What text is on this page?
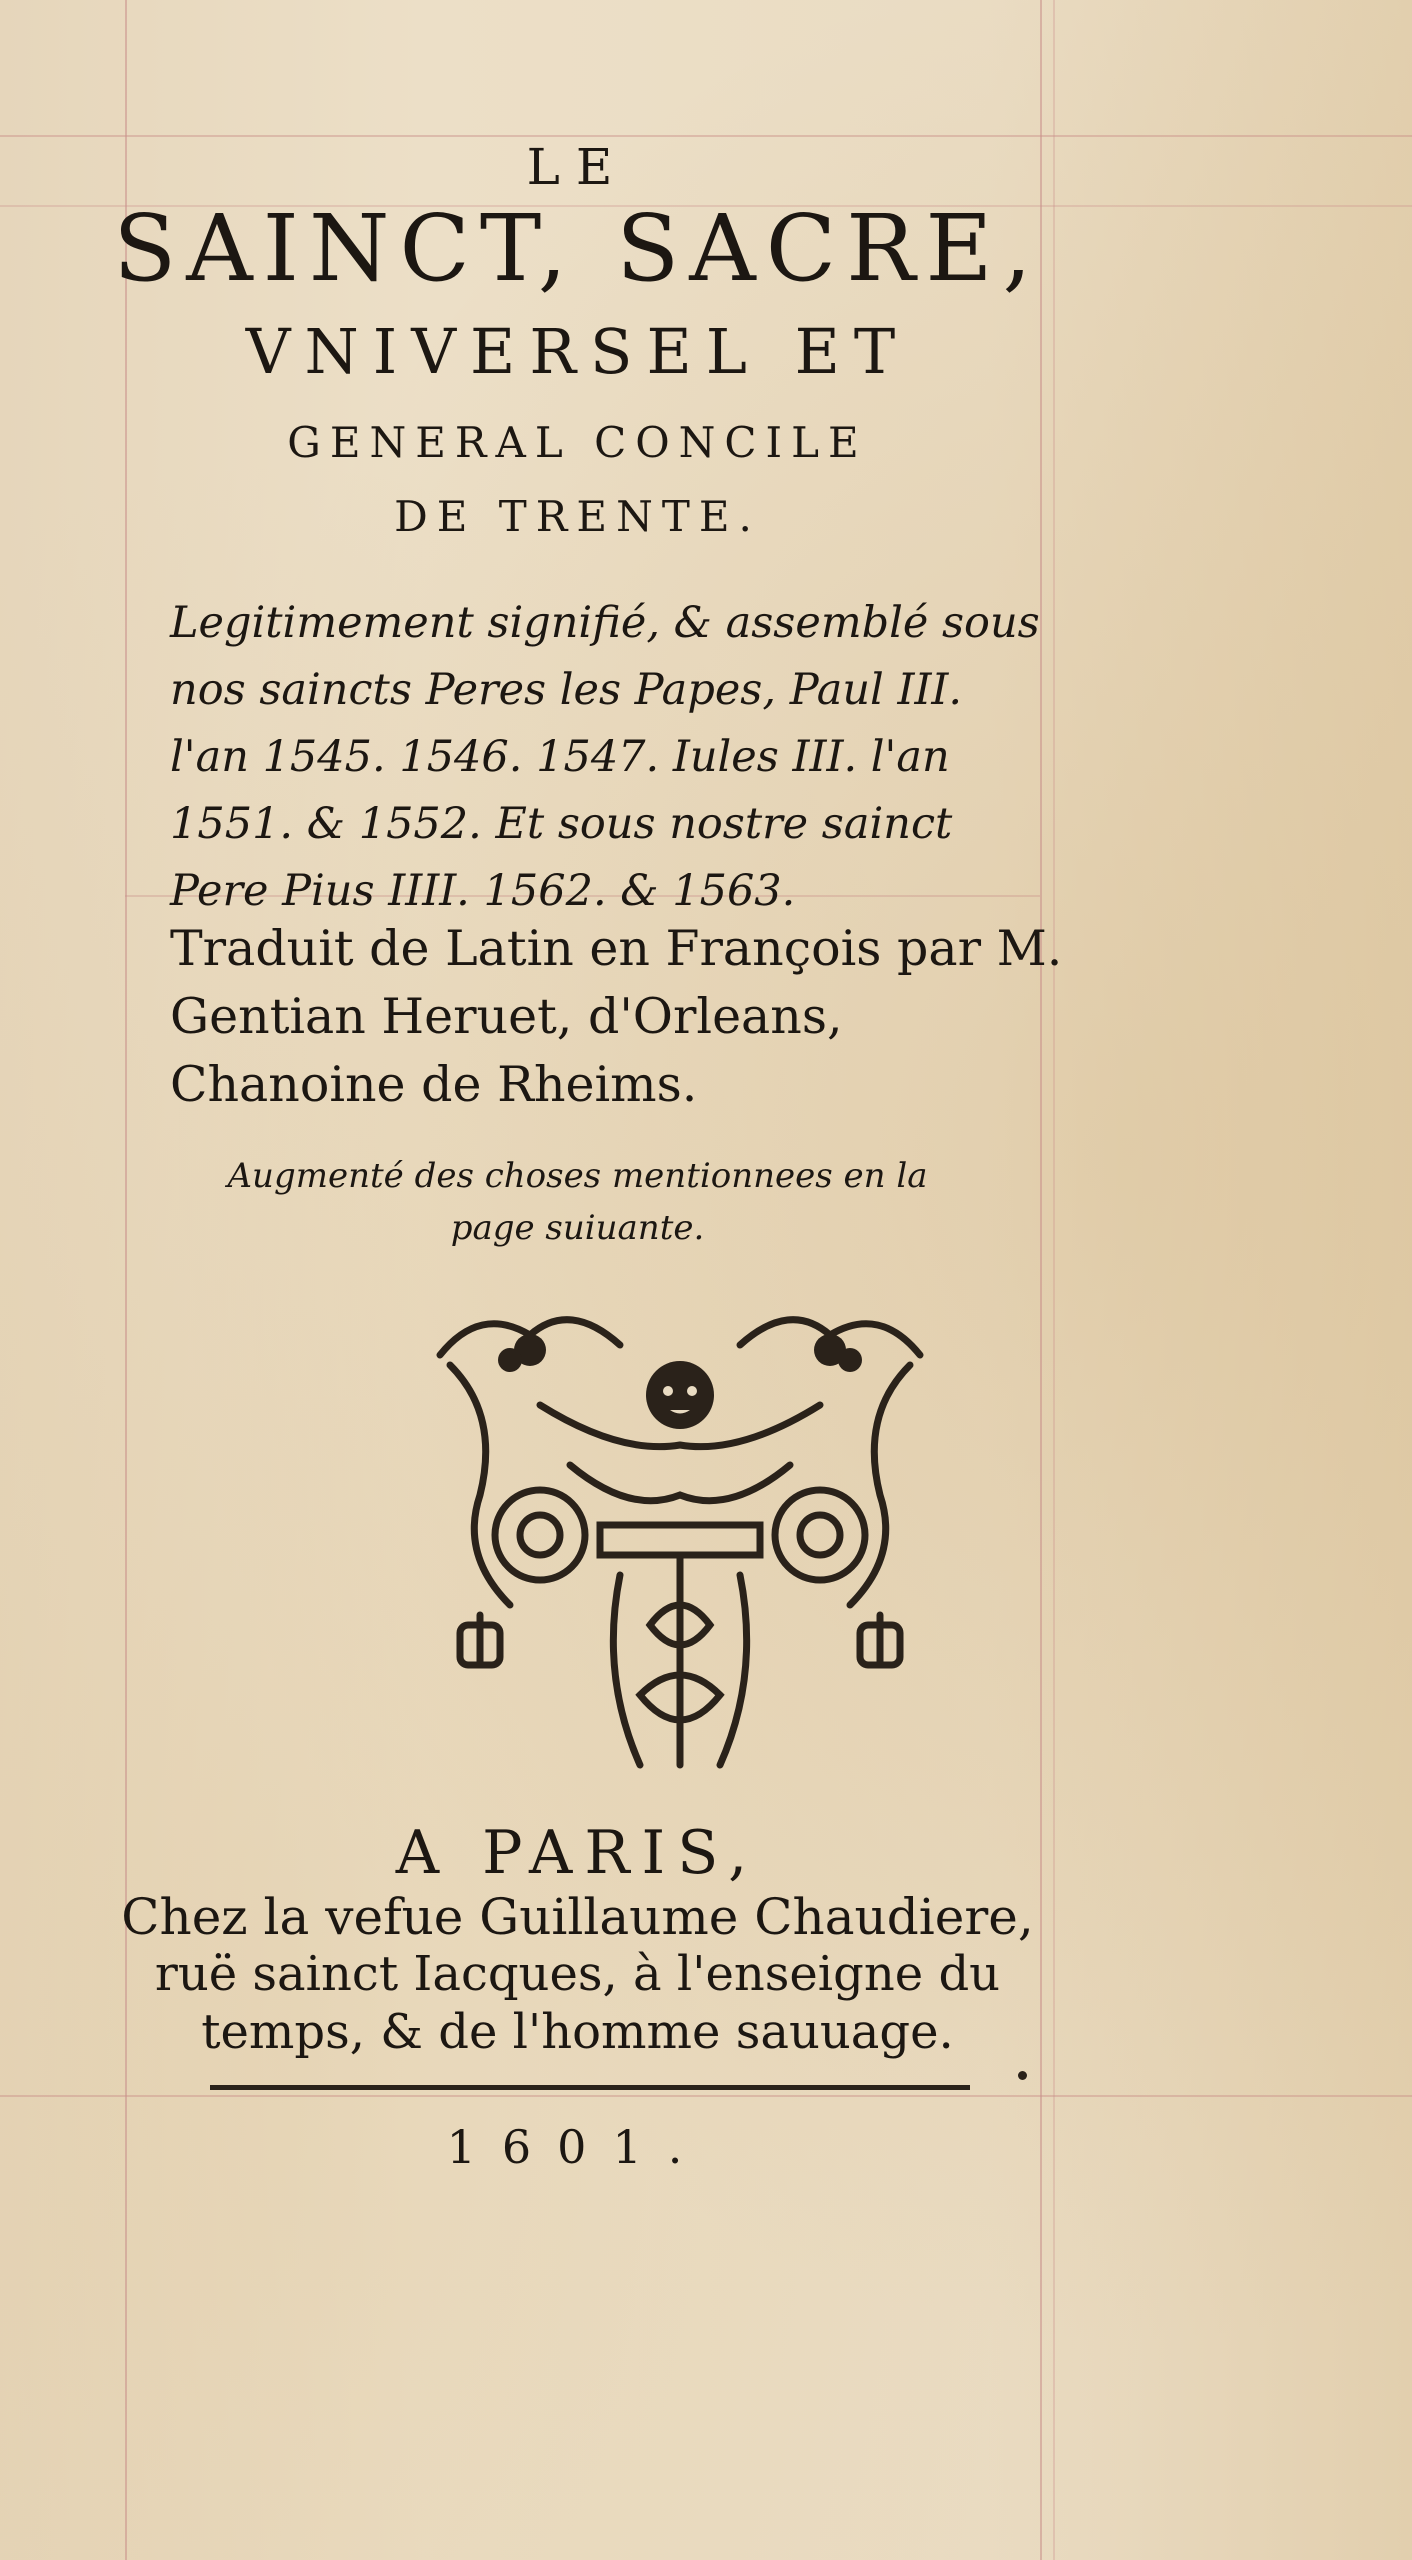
LE
SAINCT, SACRE,
VNIVERSEL ET
GENERAL CONCILE
DE TRENTE.
Legitimement signifié, & assemblé sous nos saincts Peres les Papes, Paul III. l'an 1545. 1546. 1547. Iules III. l'an 1551. & 1552. Et sous nostre sainct Pere Pius IIII. 1562. & 1563.
Traduit de Latin en François par M. Gentian Heruet, d'Orleans, Chanoine de Rheims.
Augmenté des choses mentionnees en la
page suiuante.
A PARIS,
Chez la vefue Guillaume Chaudiere,
ruë sainct Iacques, à l'enseigne du
temps, & de l'homme sauuage.
1601.
